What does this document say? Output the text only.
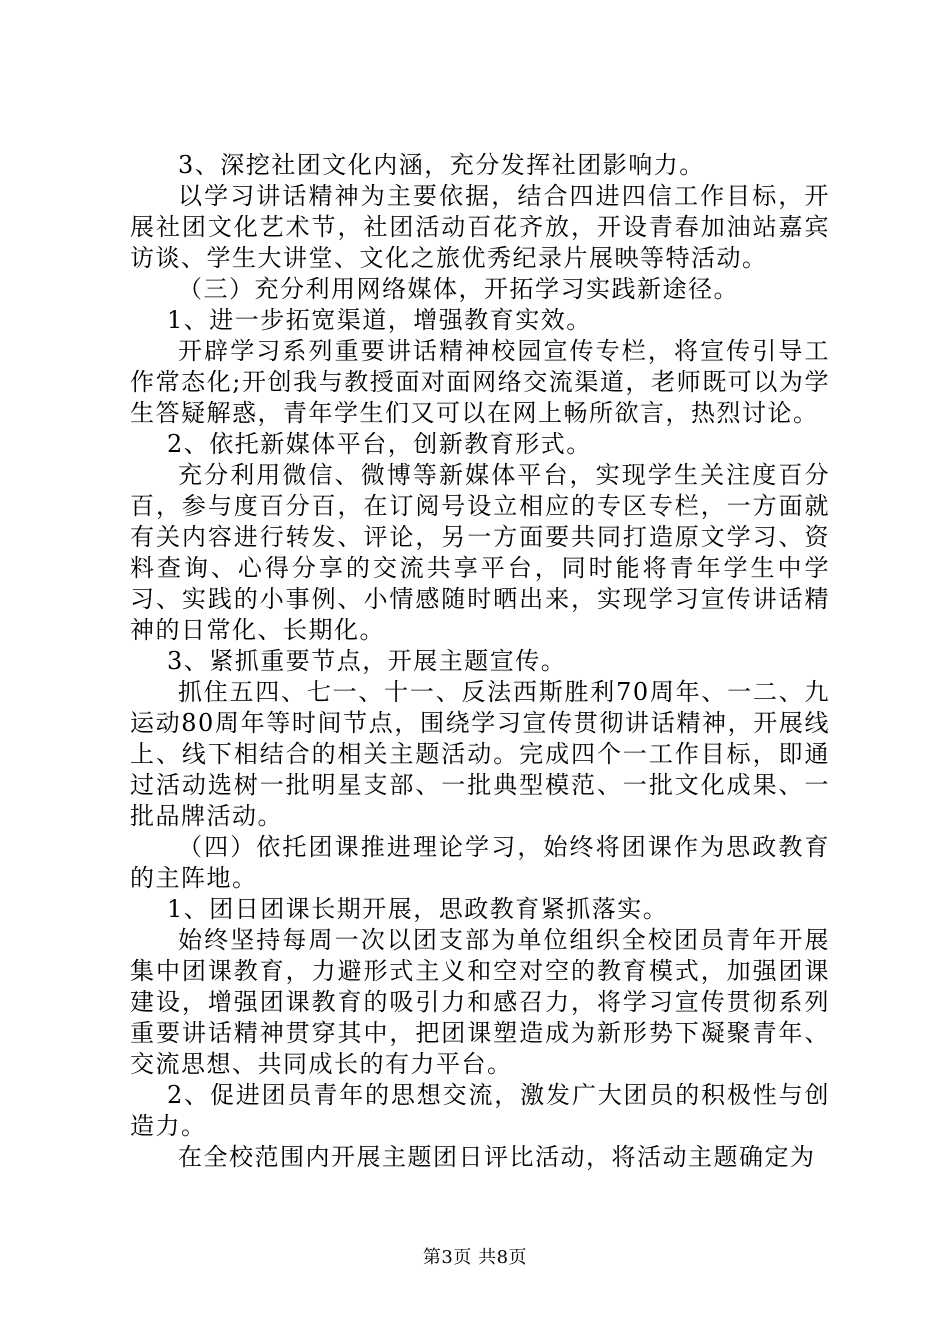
3、深挖社团文化内涵，充分发挥社团影响力。

以学习讲话精神为主要依据，结合四进四信工作目标，开展社团文化艺术节，社团活动百花齐放，开设青春加油站嘉宾访谈、学生大讲堂、文化之旅优秀纪录片展映等特活动。

（三）充分利用网络媒体，开拓学习实践新途径。

1、进一步拓宽渠道，增强教育实效。

开辟学习系列重要讲话精神校园宣传专栏，将宣传引导工作常态化;开创我与教授面对面网络交流渠道，老师既可以为学生答疑解惑，青年学生们又可以在网上畅所欲言，热烈讨论。

2、依托新媒体平台，创新教育形式。

充分利用微信、微博等新媒体平台，实现学生关注度百分百，参与度百分百，在订阅号设立相应的专区专栏，一方面就有关内容进行转发、评论，另一方面要共同打造原文学习、资料查询、心得分享的交流共享平台，同时能将青年学生中学习、实践的小事例、小情感随时晒出来，实现学习宣传讲话精神的日常化、长期化。

3、紧抓重要节点，开展主题宣传。

抓住五四、七一、十一、反法西斯胜利70周年、一二、九运动80周年等时间节点，围绕学习宣传贯彻讲话精神，开展线上、线下相结合的相关主题活动。完成四个一工作目标，即通过活动选树一批明星支部、一批典型模范、一批文化成果、一批品牌活动。

（四）依托团课推进理论学习，始终将团课作为思政教育的主阵地。

1、团日团课长期开展，思政教育紧抓落实。

始终坚持每周一次以团支部为单位组织全校团员青年开展集中团课教育，力避形式主义和空对空的教育模式，加强团课建设，增强团课教育的吸引力和感召力，将学习宣传贯彻系列重要讲话精神贯穿其中，把团课塑造成为新形势下凝聚青年、交流思想、共同成长的有力平台。

2、促进团员青年的思想交流，激发广大团员的积极性与创造力。

在全校范围内开展主题团日评比活动，将活动主题确定为

第3页 共8页
